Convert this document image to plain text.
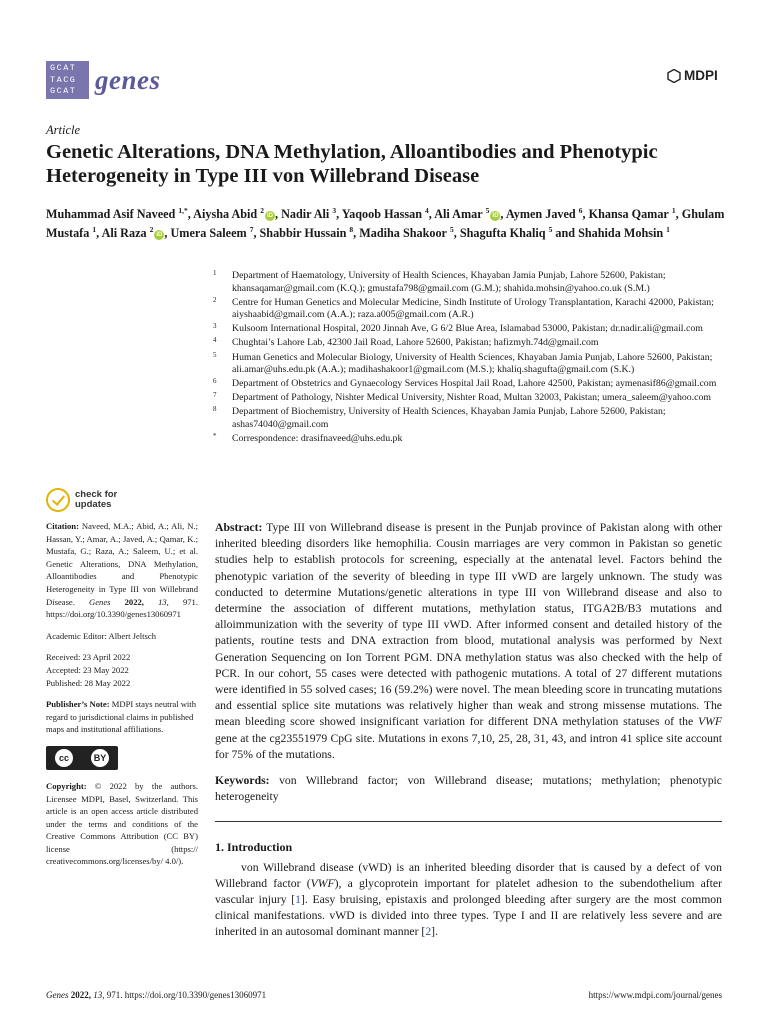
GCAT
TACG
GCAT genes	MDPI
Article
Genetic Alterations, DNA Methylation, Alloantibodies and Phenotypic Heterogeneity in Type III von Willebrand Disease
Muhammad Asif Naveed $^{1,*}$, Aiysha Abid $^2$iD , Nadir Ali $^3$, Yaqoob Hassan $^4$, Ali Amar $^5$iD , Aymen Javed $^6$, Khansa Qamar $^1$, Ghulam Mustafa $^1$, Ali Raza $^2$iD , Umera Saleem $^7$, Shabbir Hussain $^8$, Madiha Shakoor $^5$, Shagufta Khaliq $^5$ and Shahida Mohsin $^1$
1 Department of Haematology, University of Health Sciences, Khayaban Jamia Punjab, Lahore 52600, Pakistan; khansaqamar@gmail.com (K.Q.); gmustafa798@gmail.com (G.M.); shahida.mohsin@yahoo.co.uk (S.M.)
2 Centre for Human Genetics and Molecular Medicine, Sindh Institute of Urology Transplantation, Karachi 42000, Pakistan; aiyshaabid@gmail.com (A.A.); raza.a005@gmail.com (A.R.)
3 Kulsoom International Hospital, 2020 Jinnah Ave, G 6/2 Blue Area, Islamabad 53000, Pakistan; dr.nadir.ali@gmail.com
4 Chughtai’s Lahore Lab, 42300 Jail Road, Lahore 52600, Pakistan; hafizmyh.74d@gmail.com
5 Human Genetics and Molecular Biology, University of Health Sciences, Khayaban Jamia Punjab, Lahore 52600, Pakistan; ali.amar@uhs.edu.pk (A.A.); madihashakoor1@gmail.com (M.S.); khaliq.shagufta@gmail.com (S.K.)
6 Department of Obstetrics and Gynaecology Services Hospital Jail Road, Lahore 42500, Pakistan; aymenasif86@gmail.com
7 Department of Pathology, Nishter Medical University, Nishter Road, Multan 32003, Pakistan; umera_saleem@yahoo.com
8 Department of Biochemistry, University of Health Sciences, Khayaban Jamia Punjab, Lahore 52600, Pakistan; ashas74040@gmail.com
* Correspondence: drasifnaveed@uhs.edu.pk
check for
updates
Citation: Naveed, M.A.; Abid, A.; Ali, N.; Hassan, Y.; Amar, A.; Javed, A.; Qamar, K.; Mustafa, G.; Raza, A.; Saleem, U.; et al. Genetic Alterations, DNA Methylation, Alloantibodies and Phenotypic Heterogeneity in Type III von Willebrand Disease. Genes 2022, 13, 971. https://doi.org/10.3390/genes13060971
Academic Editor: Albert Jeltsch
Received: 23 April 2022
Accepted: 23 May 2022
Published: 28 May 2022
Publisher’s Note: MDPI stays neutral with regard to jurisdictional claims in published maps and institutional affiliations.
cc	BY
Copyright: © 2022 by the authors. Licensee MDPI, Basel, Switzerland. This article is an open access article distributed under the terms and conditions of the Creative Commons Attribution (CC BY) license (https:// creativecommons.org/licenses/by/ 4.0/).

Abstract: Type III von Willebrand disease is present in the Punjab province of Pakistan along with other inherited bleeding disorders like hemophilia. Cousin marriages are very common in Pakistan so genetic studies help to establish protocols for screening, especially at the antenatal level. Factors behind the phenotypic variation of the severity of bleeding in type III vWD are largely unknown. The study was conducted to determine Mutations/genetic alterations in type III von Willebrand disease and also to determine the association of different mutations, methylation status, ITGA2B/B3 mutations and alloimmunization with the severity of type III vWD. After informed consent and detailed history of the patients, routine tests and DNA extraction from blood, mutational analysis was performed by Next Generation Sequencing on Ion Torrent PGM. DNA methylation status was also checked with the help of PCR. In our cohort, 55 cases were detected with pathogenic mutations. A total of 27 different mutations were identified in 55 solved cases; 16 (59.2%) were novel. The mean bleeding score in truncating mutations and essential splice site mutations was relatively higher than weak and strong missense mutations. The mean bleeding score showed insignificant variation for different DNA methylation statuses of the VWF gene at the cg23551979 CpG site. Mutations in exons 7,10, 25, 28, 31, 43, and intron 41 splice site account for 75% of the mutations.

Keywords: von Willebrand factor; von Willebrand disease; mutations; methylation; phenotypic heterogeneity

1. Introduction

von Willebrand disease (vWD) is an inherited bleeding disorder that is caused by a defect of von Willebrand factor (VWF), a glycoprotein important for platelet adhesion to the subendothelium after vascular injury [1]. Easy bruising, epistaxis and prolonged bleeding after surgery are the most common clinical manifestations. vWD is divided into three types. Type I and II are relatively less severe and are inherited in an autosomal dominant manner [2].

Genes 2022, 13, 971. https://doi.org/10.3390/genes13060971	https://www.mdpi.com/journal/genes
